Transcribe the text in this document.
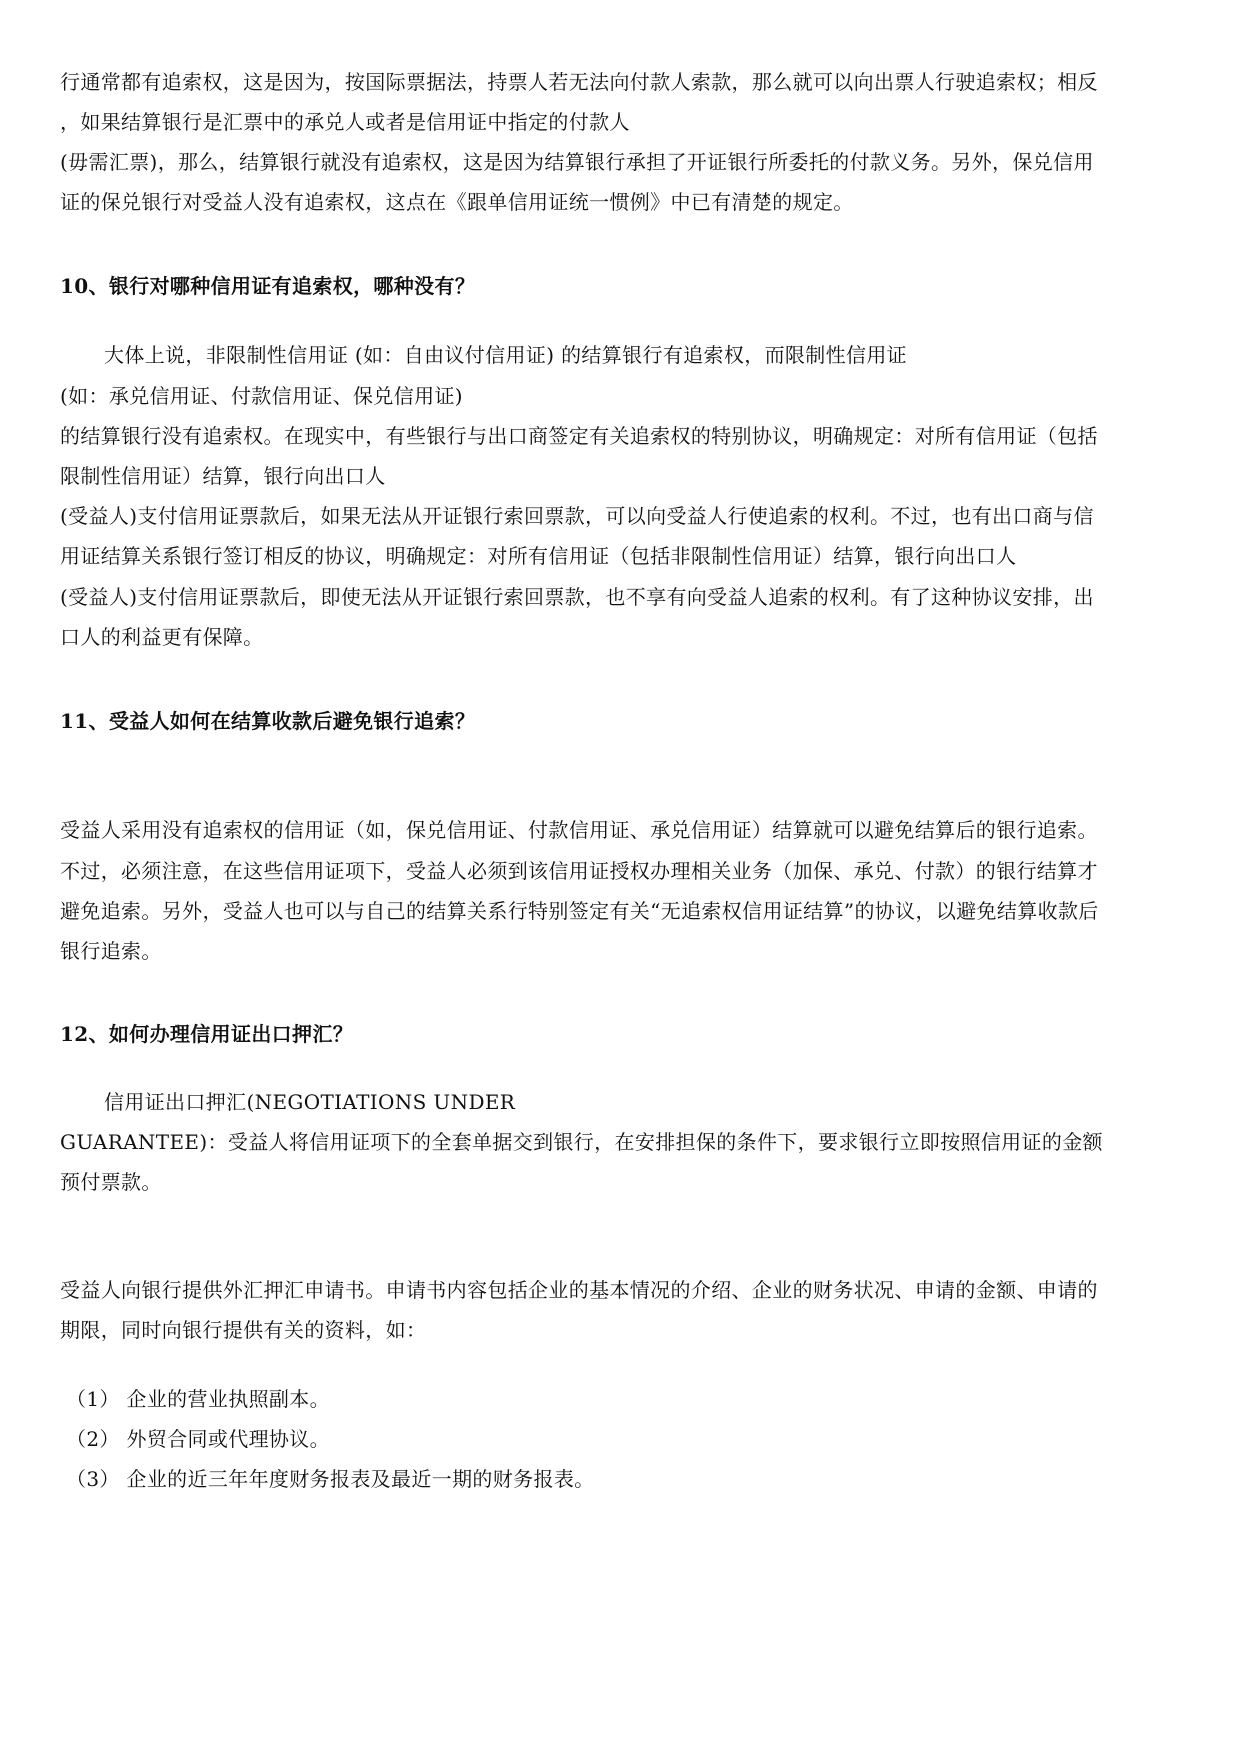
行通常都有追索权，这是因为，按国际票据法，持票人若无法向付款人索款，那么就可以向出票人行驶追索权；相反
，如果结算银行是汇票中的承兑人或者是信用证中指定的付款人
(毋需汇票)，那么，结算银行就没有追索权，这是因为结算银行承担了开证银行所委托的付款义务。另外，保兑信用
证的保兑银行对受益人没有追索权，这点在《跟单信用证统一惯例》中已有清楚的规定。
10、银行对哪种信用证有追索权，哪种没有？
大体上说，非限制性信用证 (如：自由议付信用证) 的结算银行有追索权，而限制性信用证
(如：承兑信用证、付款信用证、保兑信用证)
的结算银行没有追索权。在现实中，有些银行与出口商签定有关追索权的特别协议，明确规定：对所有信用证（包括
限制性信用证）结算，银行向出口人
(受益人)支付信用证票款后，如果无法从开证银行索回票款，可以向受益人行使追索的权利。不过，也有出口商与信
用证结算关系银行签订相反的协议，明确规定：对所有信用证（包括非限制性信用证）结算，银行向出口人
(受益人)支付信用证票款后，即使无法从开证银行索回票款，也不享有向受益人追索的权利。有了这种协议安排，出
口人的利益更有保障。
11、受益人如何在结算收款后避免银行追索？
受益人采用没有追索权的信用证（如，保兑信用证、付款信用证、承兑信用证）结算就可以避免结算后的银行追索。
不过，必须注意，在这些信用证项下，受益人必须到该信用证授权办理相关业务（加保、承兑、付款）的银行结算才
避免追索。另外，受益人也可以与自己的结算关系行特别签定有关“无追索权信用证结算”的协议，以避免结算收款后
银行追索。
12、如何办理信用证出口押汇？
信用证出口押汇(NEGOTIATIONS UNDER
GUARANTEE)：受益人将信用证项下的全套单据交到银行，在安排担保的条件下，要求银行立即按照信用证的金额
预付票款。
受益人向银行提供外汇押汇申请书。申请书内容包括企业的基本情况的介绍、企业的财务状况、申请的金额、申请的
期限，同时向银行提供有关的资料，如：
（1） 企业的营业执照副本。
（2） 外贸合同或代理协议。
（3） 企业的近三年年度财务报表及最近一期的财务报表。
